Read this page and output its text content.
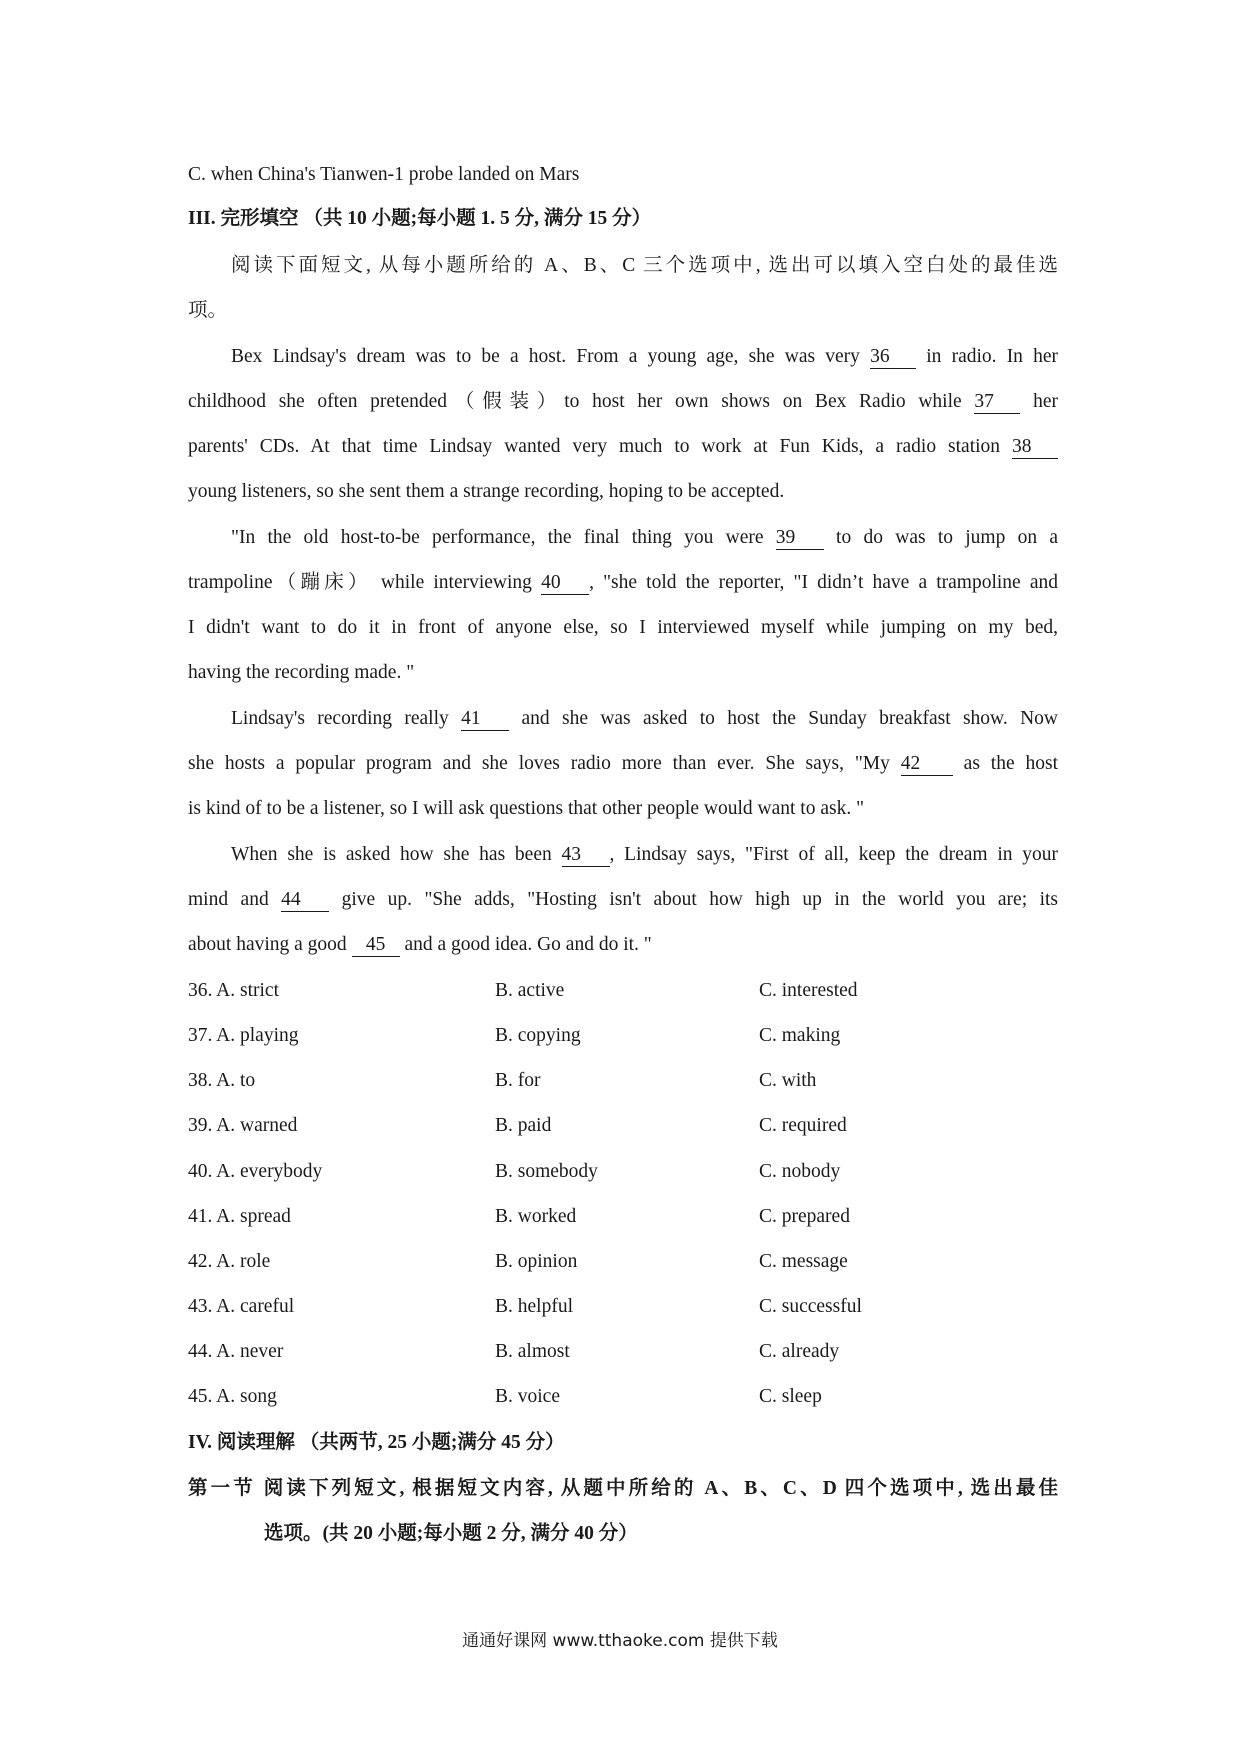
C. when China's Tianwen-1 probe landed on Mars
III. 完形填空 （共 10 小题;每小题 1. 5 分, 满分 15 分）
阅读下面短文, 从每小题所给的 A、B、C 三个选项中, 选出可以填入空白处的最佳选
项。
Bex Lindsay's dream was to be a host. From a young age, she was very 36 in radio. In her
childhood she often pretended（假装）to host her own shows on Bex Radio while 37 her
parents' CDs. At that time Lindsay wanted very much to work at Fun Kids, a radio station 38
young listeners, so she sent them a strange recording, hoping to be accepted.
"In the old host-to-be performance, the final thing you were 39 to do was to jump on a
trampoline（蹦床） while interviewing 40 , "she told the reporter, "I didn’t have a trampoline and
I didn't want to do it in front of anyone else, so I interviewed myself while jumping on my bed,
having the recording made. "
Lindsay's recording really 41 and she was asked to host the Sunday breakfast show. Now
she hosts a popular program and she loves radio more than ever. She says, "My 42 as the host
is kind of to be a listener, so I will ask questions that other people would want to ask. "
When she is asked how she has been 43 , Lindsay says, "First of all, keep the dream in your
mind and 44 give up. "She adds, "Hosting isn't about how high up in the world you are; its
about having a good 45 and a good idea. Go and do it. "
36. A. strict	B. active	C. interested
37. A. playing	B. copying	C. making
38. A. to	B. for	C. with
39. A. warned	B. paid	C. required
40. A. everybody	B. somebody	C. nobody
41. A. spread	B. worked	C. prepared
42. A. role	B. opinion	C. message
43. A. careful	B. helpful	C. successful
44. A. never	B. almost	C. already
45. A. song	B. voice	C. sleep
IV. 阅读理解 （共两节, 25 小题;满分 45 分）
第一节 阅读下列短文, 根据短文内容, 从题中所给的 A、B、C、D 四个选项中, 选出最佳
选项。(共 20 小题;每小题 2 分, 满分 40 分）
通通好课网 www.tthaoke.com 提供下载
